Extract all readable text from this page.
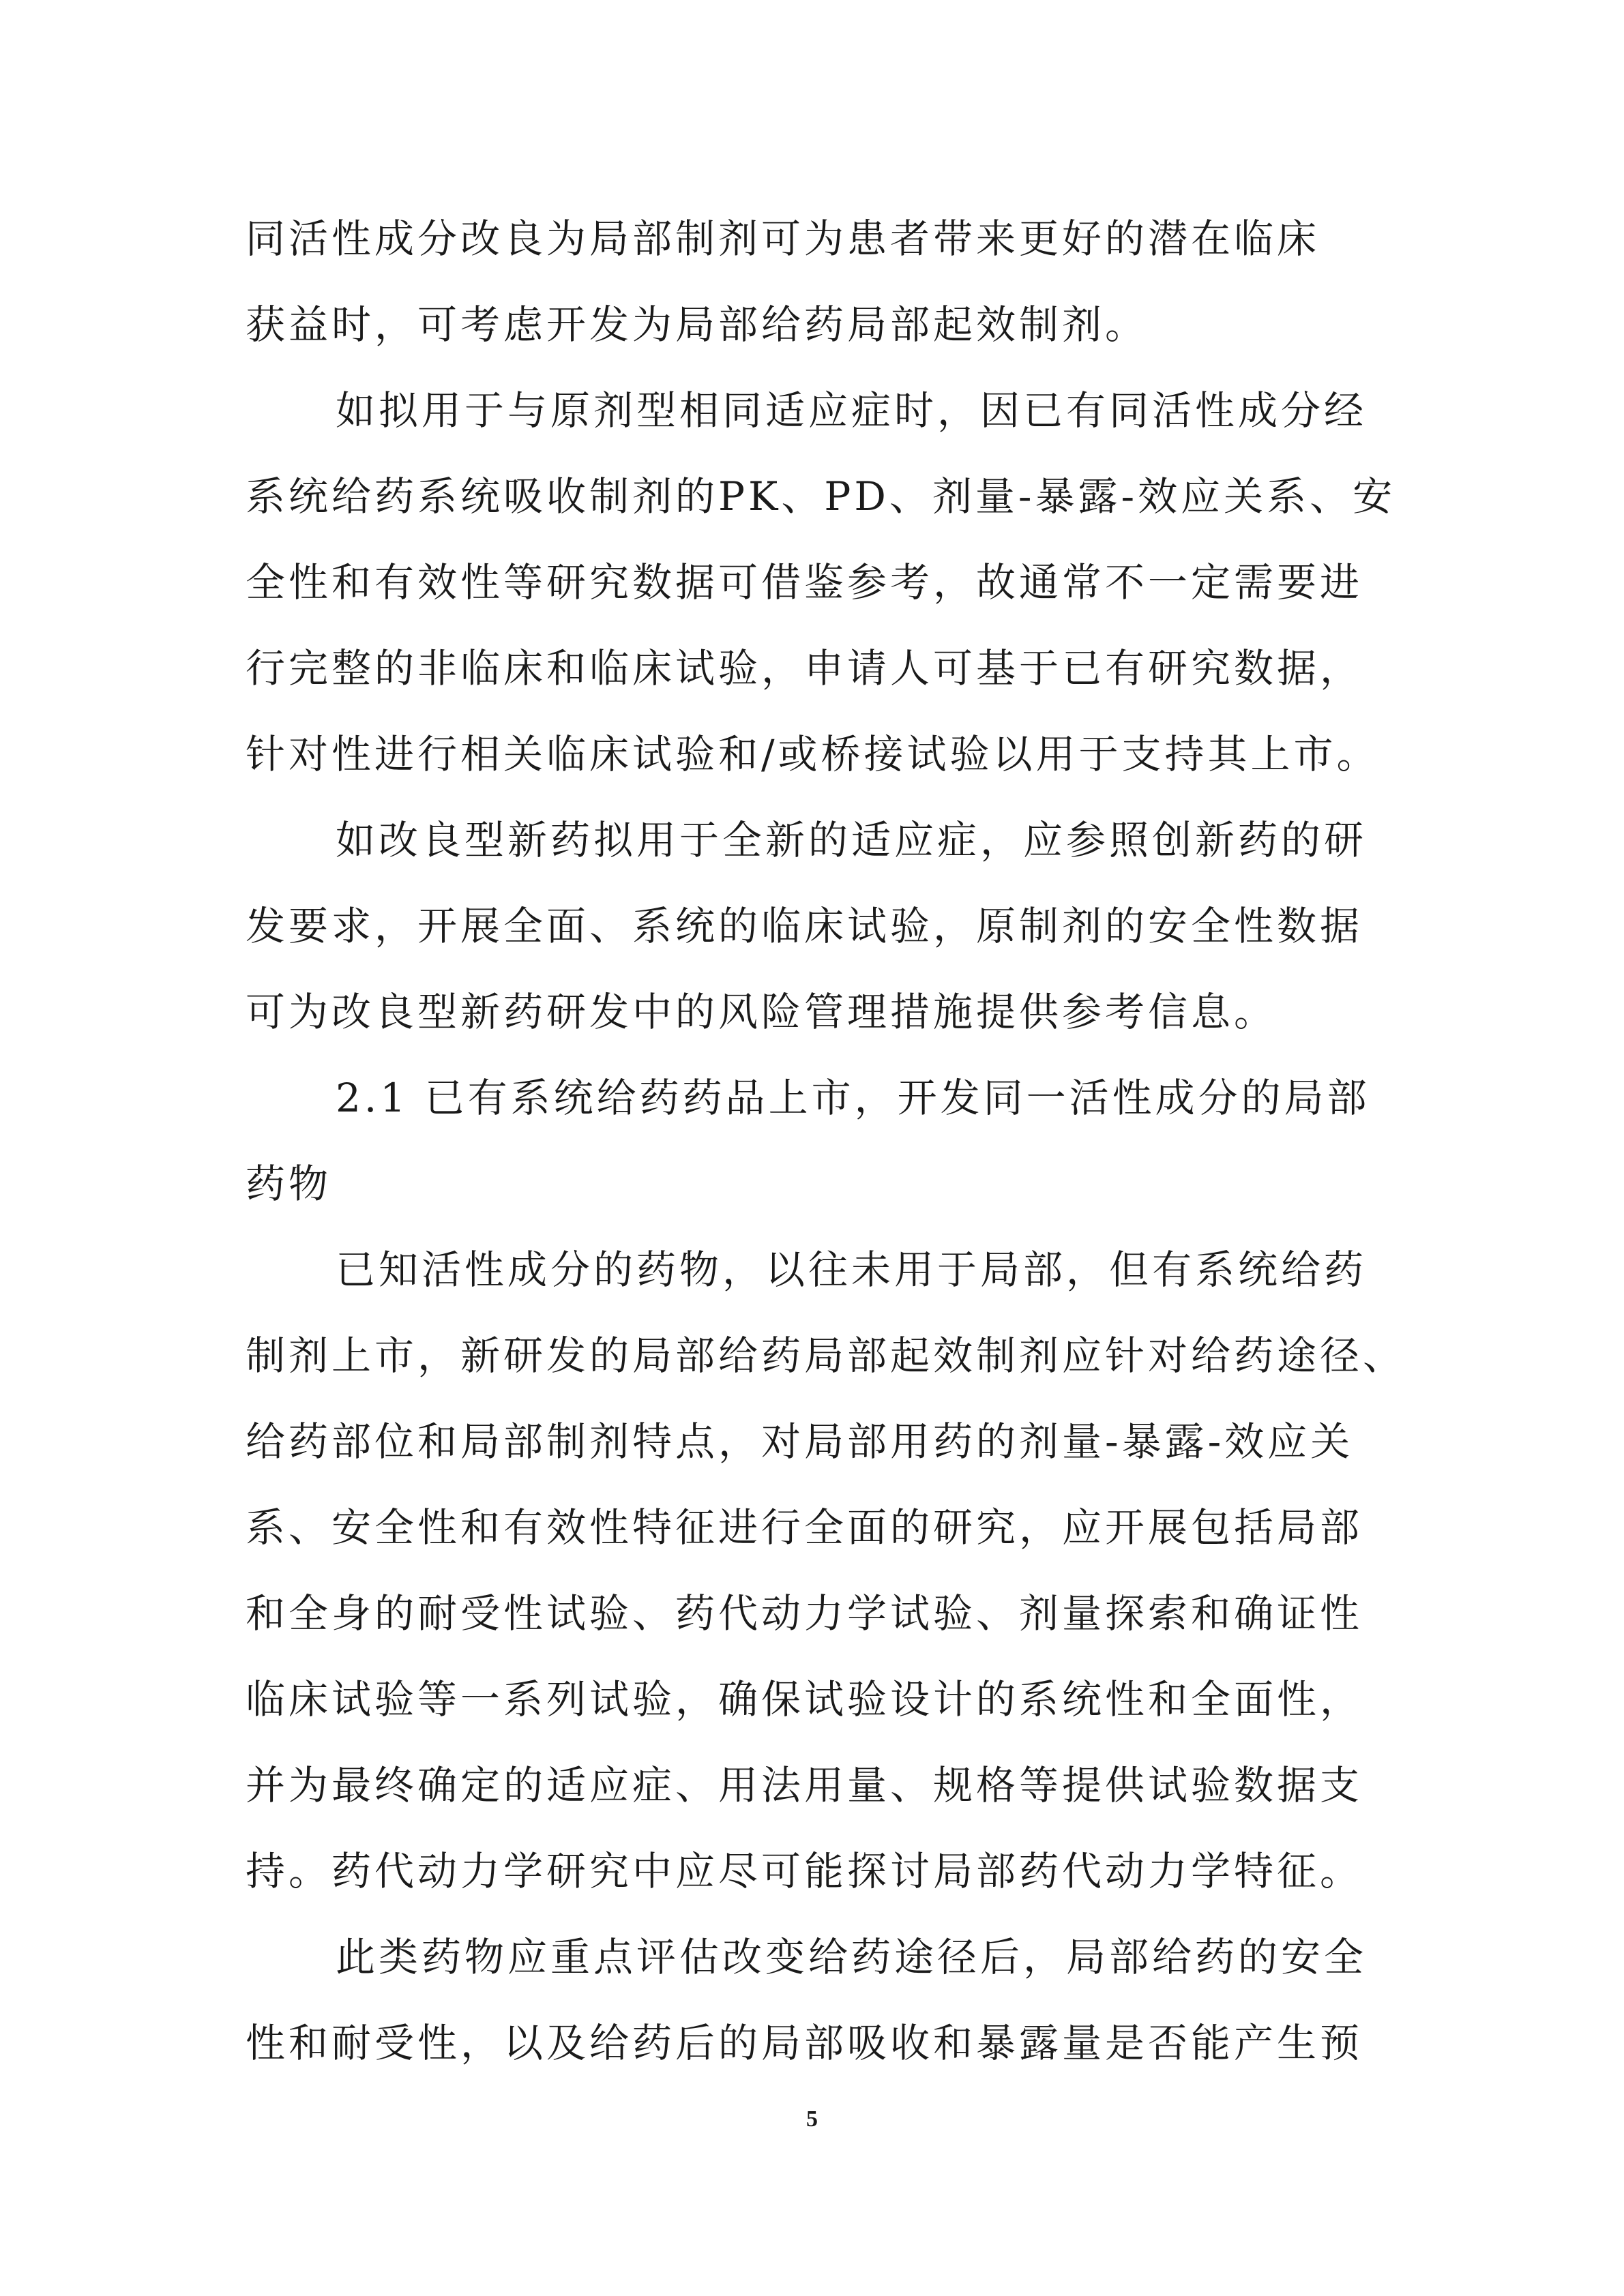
同活性成分改良为局部制剂可为患者带来更好的潜在临床
获益时，可考虑开发为局部给药局部起效制剂。
如拟用于与原剂型相同适应症时，因已有同活性成分经
系统给药系统吸收制剂的PK、PD、剂量-暴露-效应关系、安
全性和有效性等研究数据可借鉴参考，故通常不一定需要进
行完整的非临床和临床试验，申请人可基于已有研究数据，
针对性进行相关临床试验和/或桥接试验以用于支持其上市。
如改良型新药拟用于全新的适应症，应参照创新药的研
发要求，开展全面、系统的临床试验，原制剂的安全性数据
可为改良型新药研发中的风险管理措施提供参考信息。
2.1 已有系统给药药品上市，开发同一活性成分的局部
药物
已知活性成分的药物，以往未用于局部，但有系统给药
制剂上市，新研发的局部给药局部起效制剂应针对给药途径、
给药部位和局部制剂特点，对局部用药的剂量-暴露-效应关
系、安全性和有效性特征进行全面的研究，应开展包括局部
和全身的耐受性试验、药代动力学试验、剂量探索和确证性
临床试验等一系列试验，确保试验设计的系统性和全面性，
并为最终确定的适应症、用法用量、规格等提供试验数据支
持。药代动力学研究中应尽可能探讨局部药代动力学特征。
此类药物应重点评估改变给药途径后，局部给药的安全
性和耐受性，以及给药后的局部吸收和暴露量是否能产生预
5
